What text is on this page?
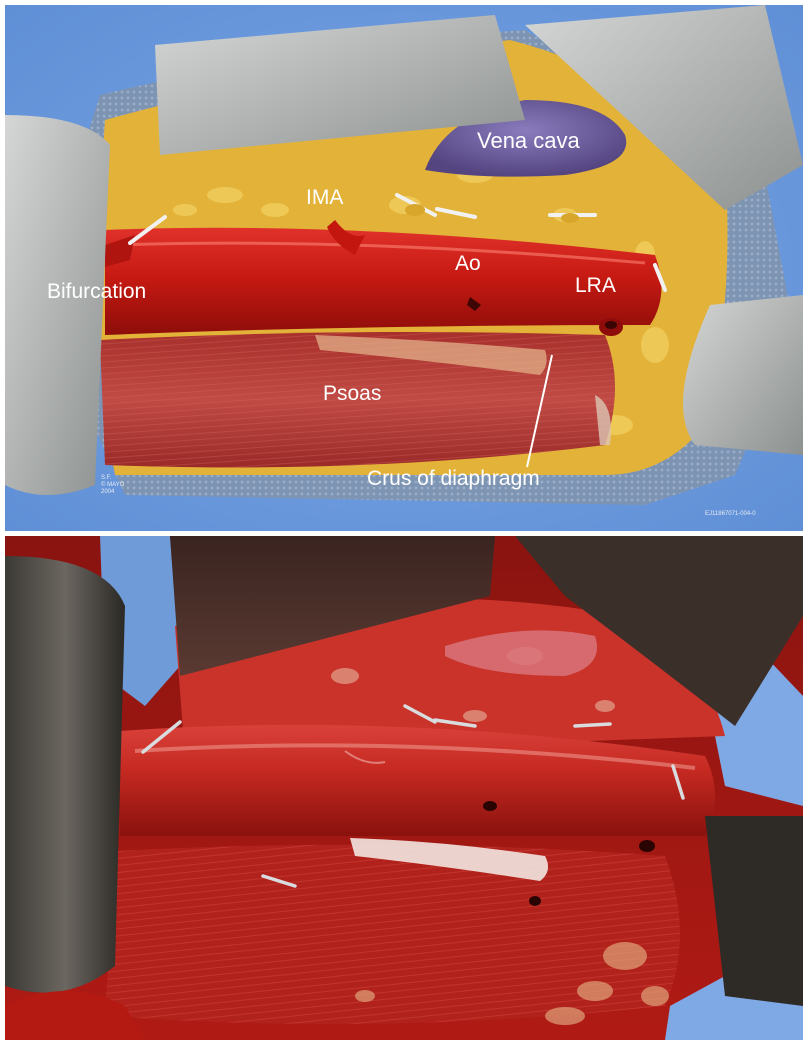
Vena cava
IMA
Bifurcation
Ao
LRA
Psoas
Crus of diaphragm
S.F.
© MAYO
2004
EJ11867071-004-0
